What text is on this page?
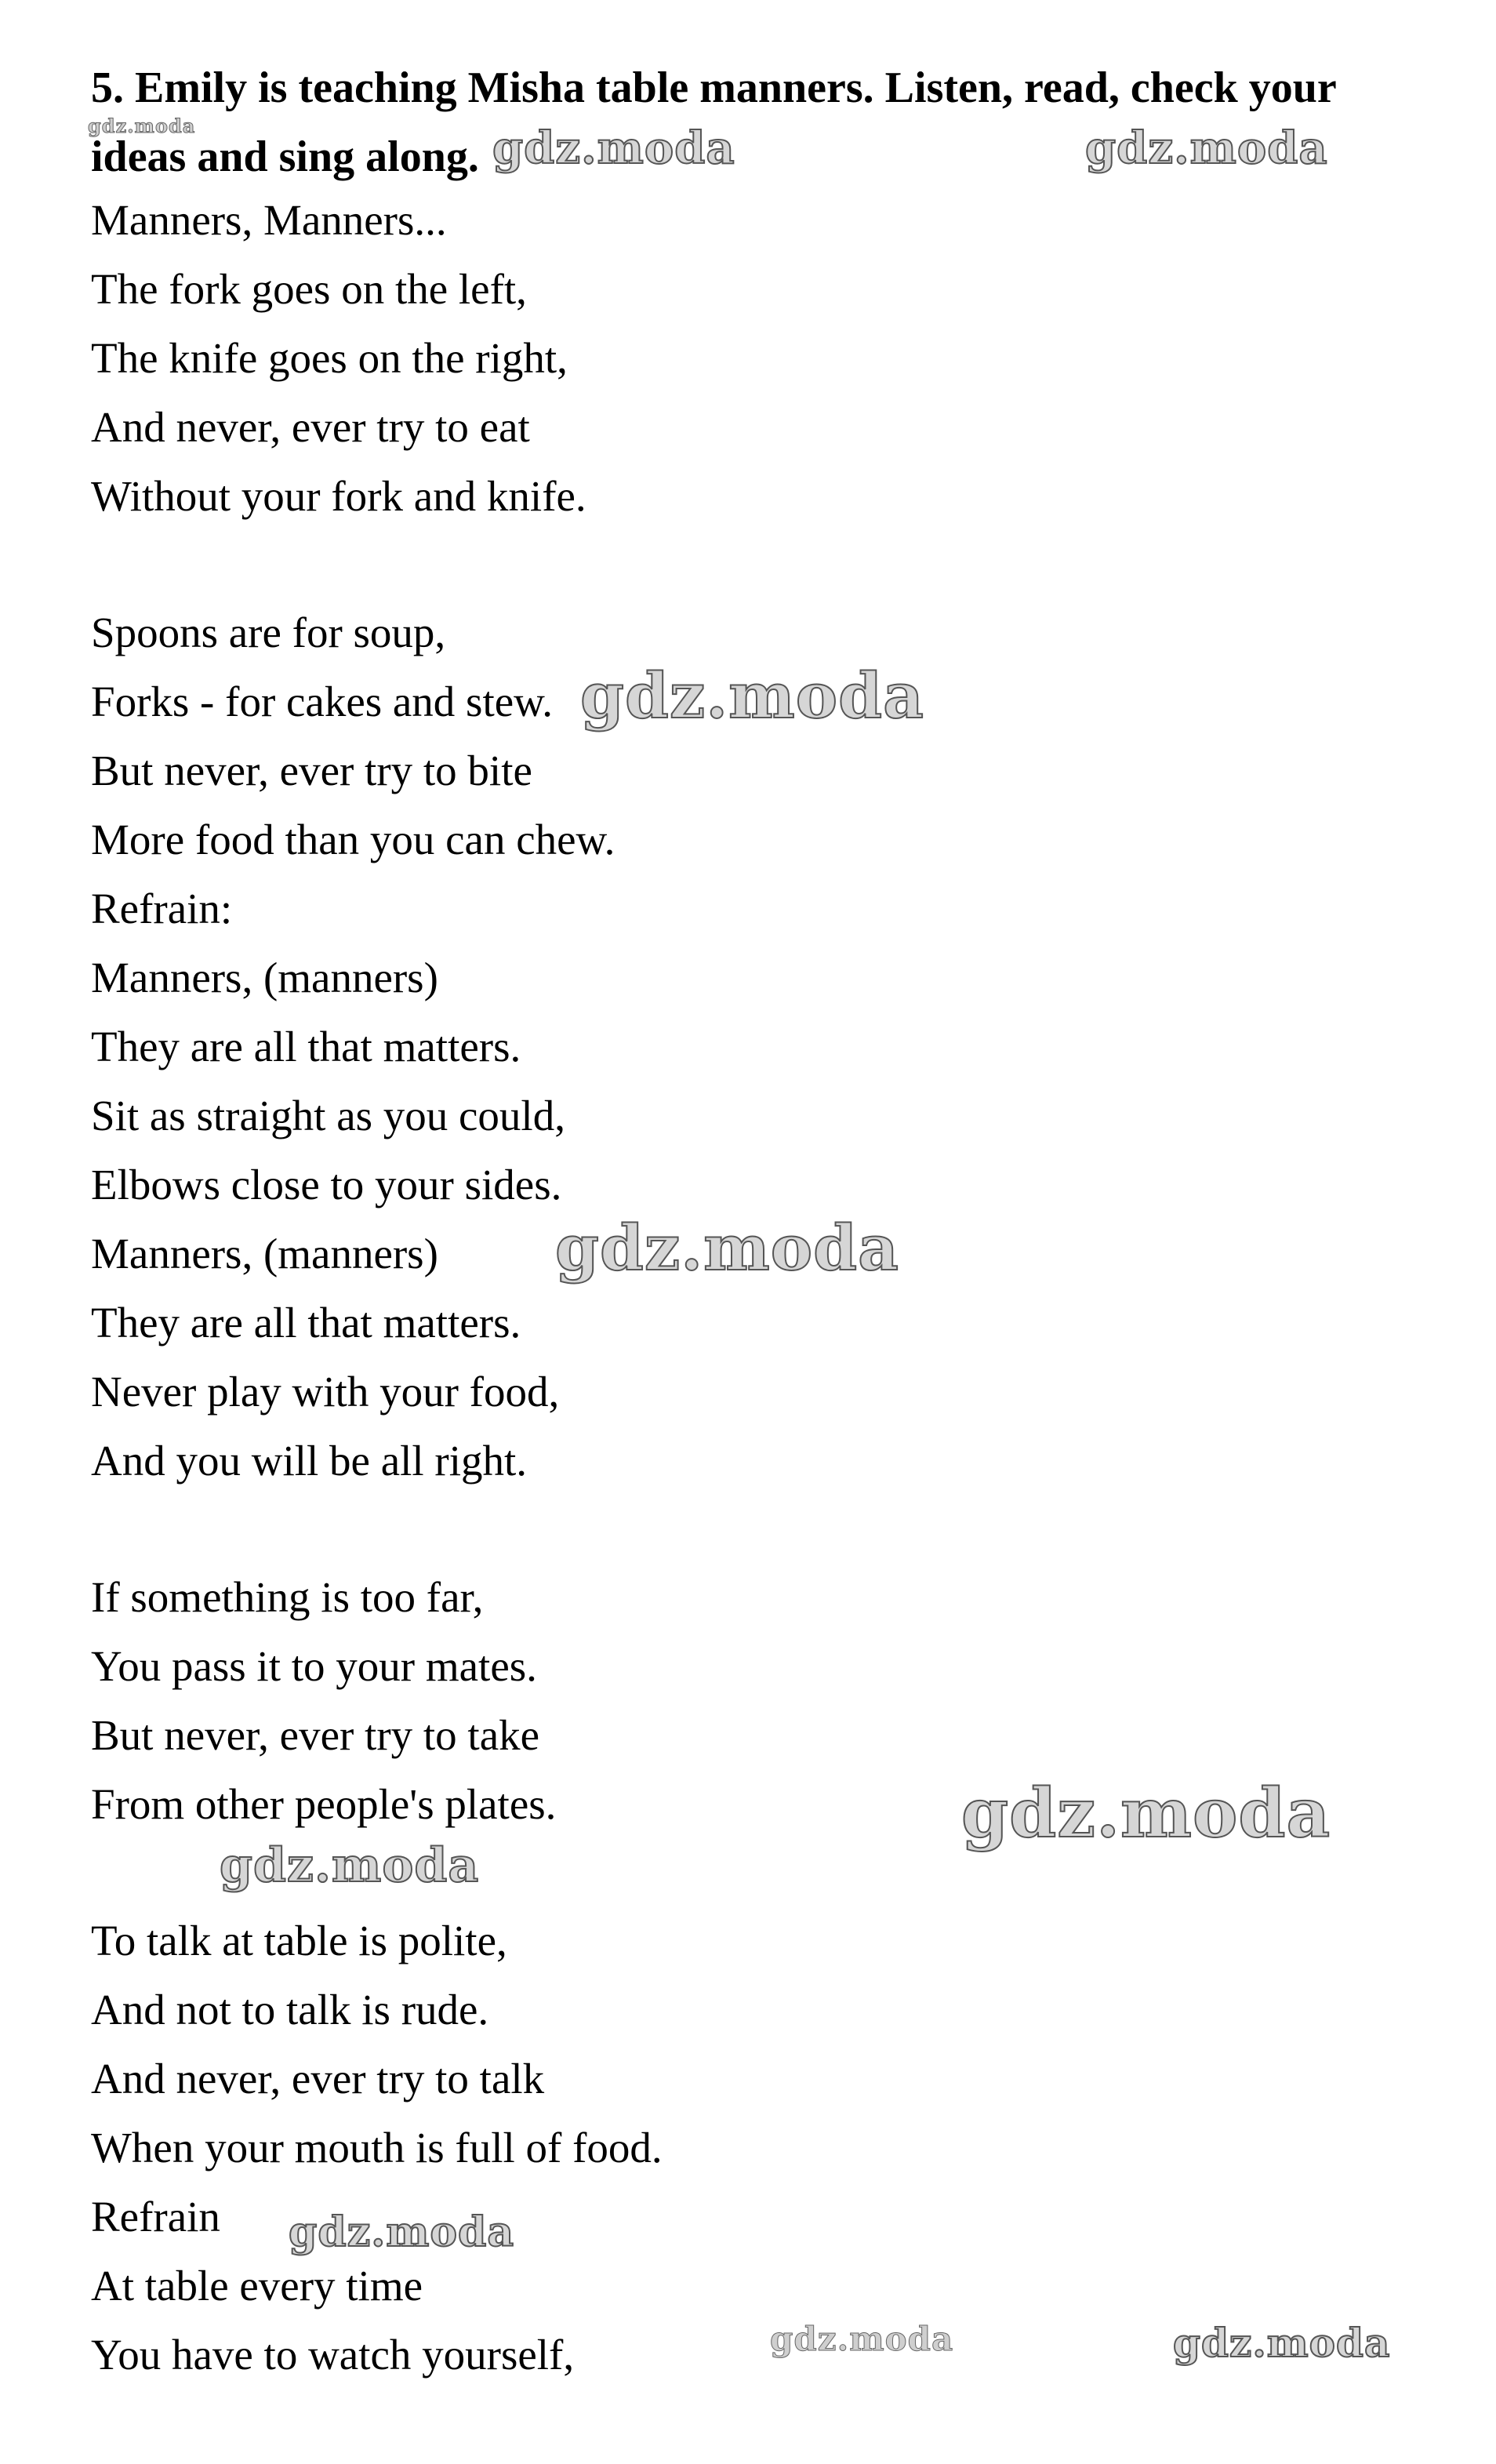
5. Emily is teaching Misha table manners. Listen, read, check your ideas and sing along.
Manners, Manners...
The fork goes on the left,
The knife goes on the right,
And never, ever try to eat
Without your fork and knife.
Spoons are for soup,
Forks - for cakes and stew.
But never, ever try to bite
More food than you can chew.
Refrain:
Manners, (manners)
They are all that matters.
Sit as straight as you could,
Elbows close to your sides.
Manners, (manners)
They are all that matters.
Never play with your food,
And you will be all right.
If something is too far,
You pass it to your mates.
But never, ever try to take
From other people's plates.
To talk at table is polite,
And not to talk is rude.
And never, ever try to talk
When your mouth is full of food.
Refrain
At table every time
You have to watch yourself,
gdz.moda	gdz.moda	gdz.moda
gdz.moda
gdz.moda
gdz.moda
gdz.moda
gdz.moda
gdz.moda	gdz.moda
